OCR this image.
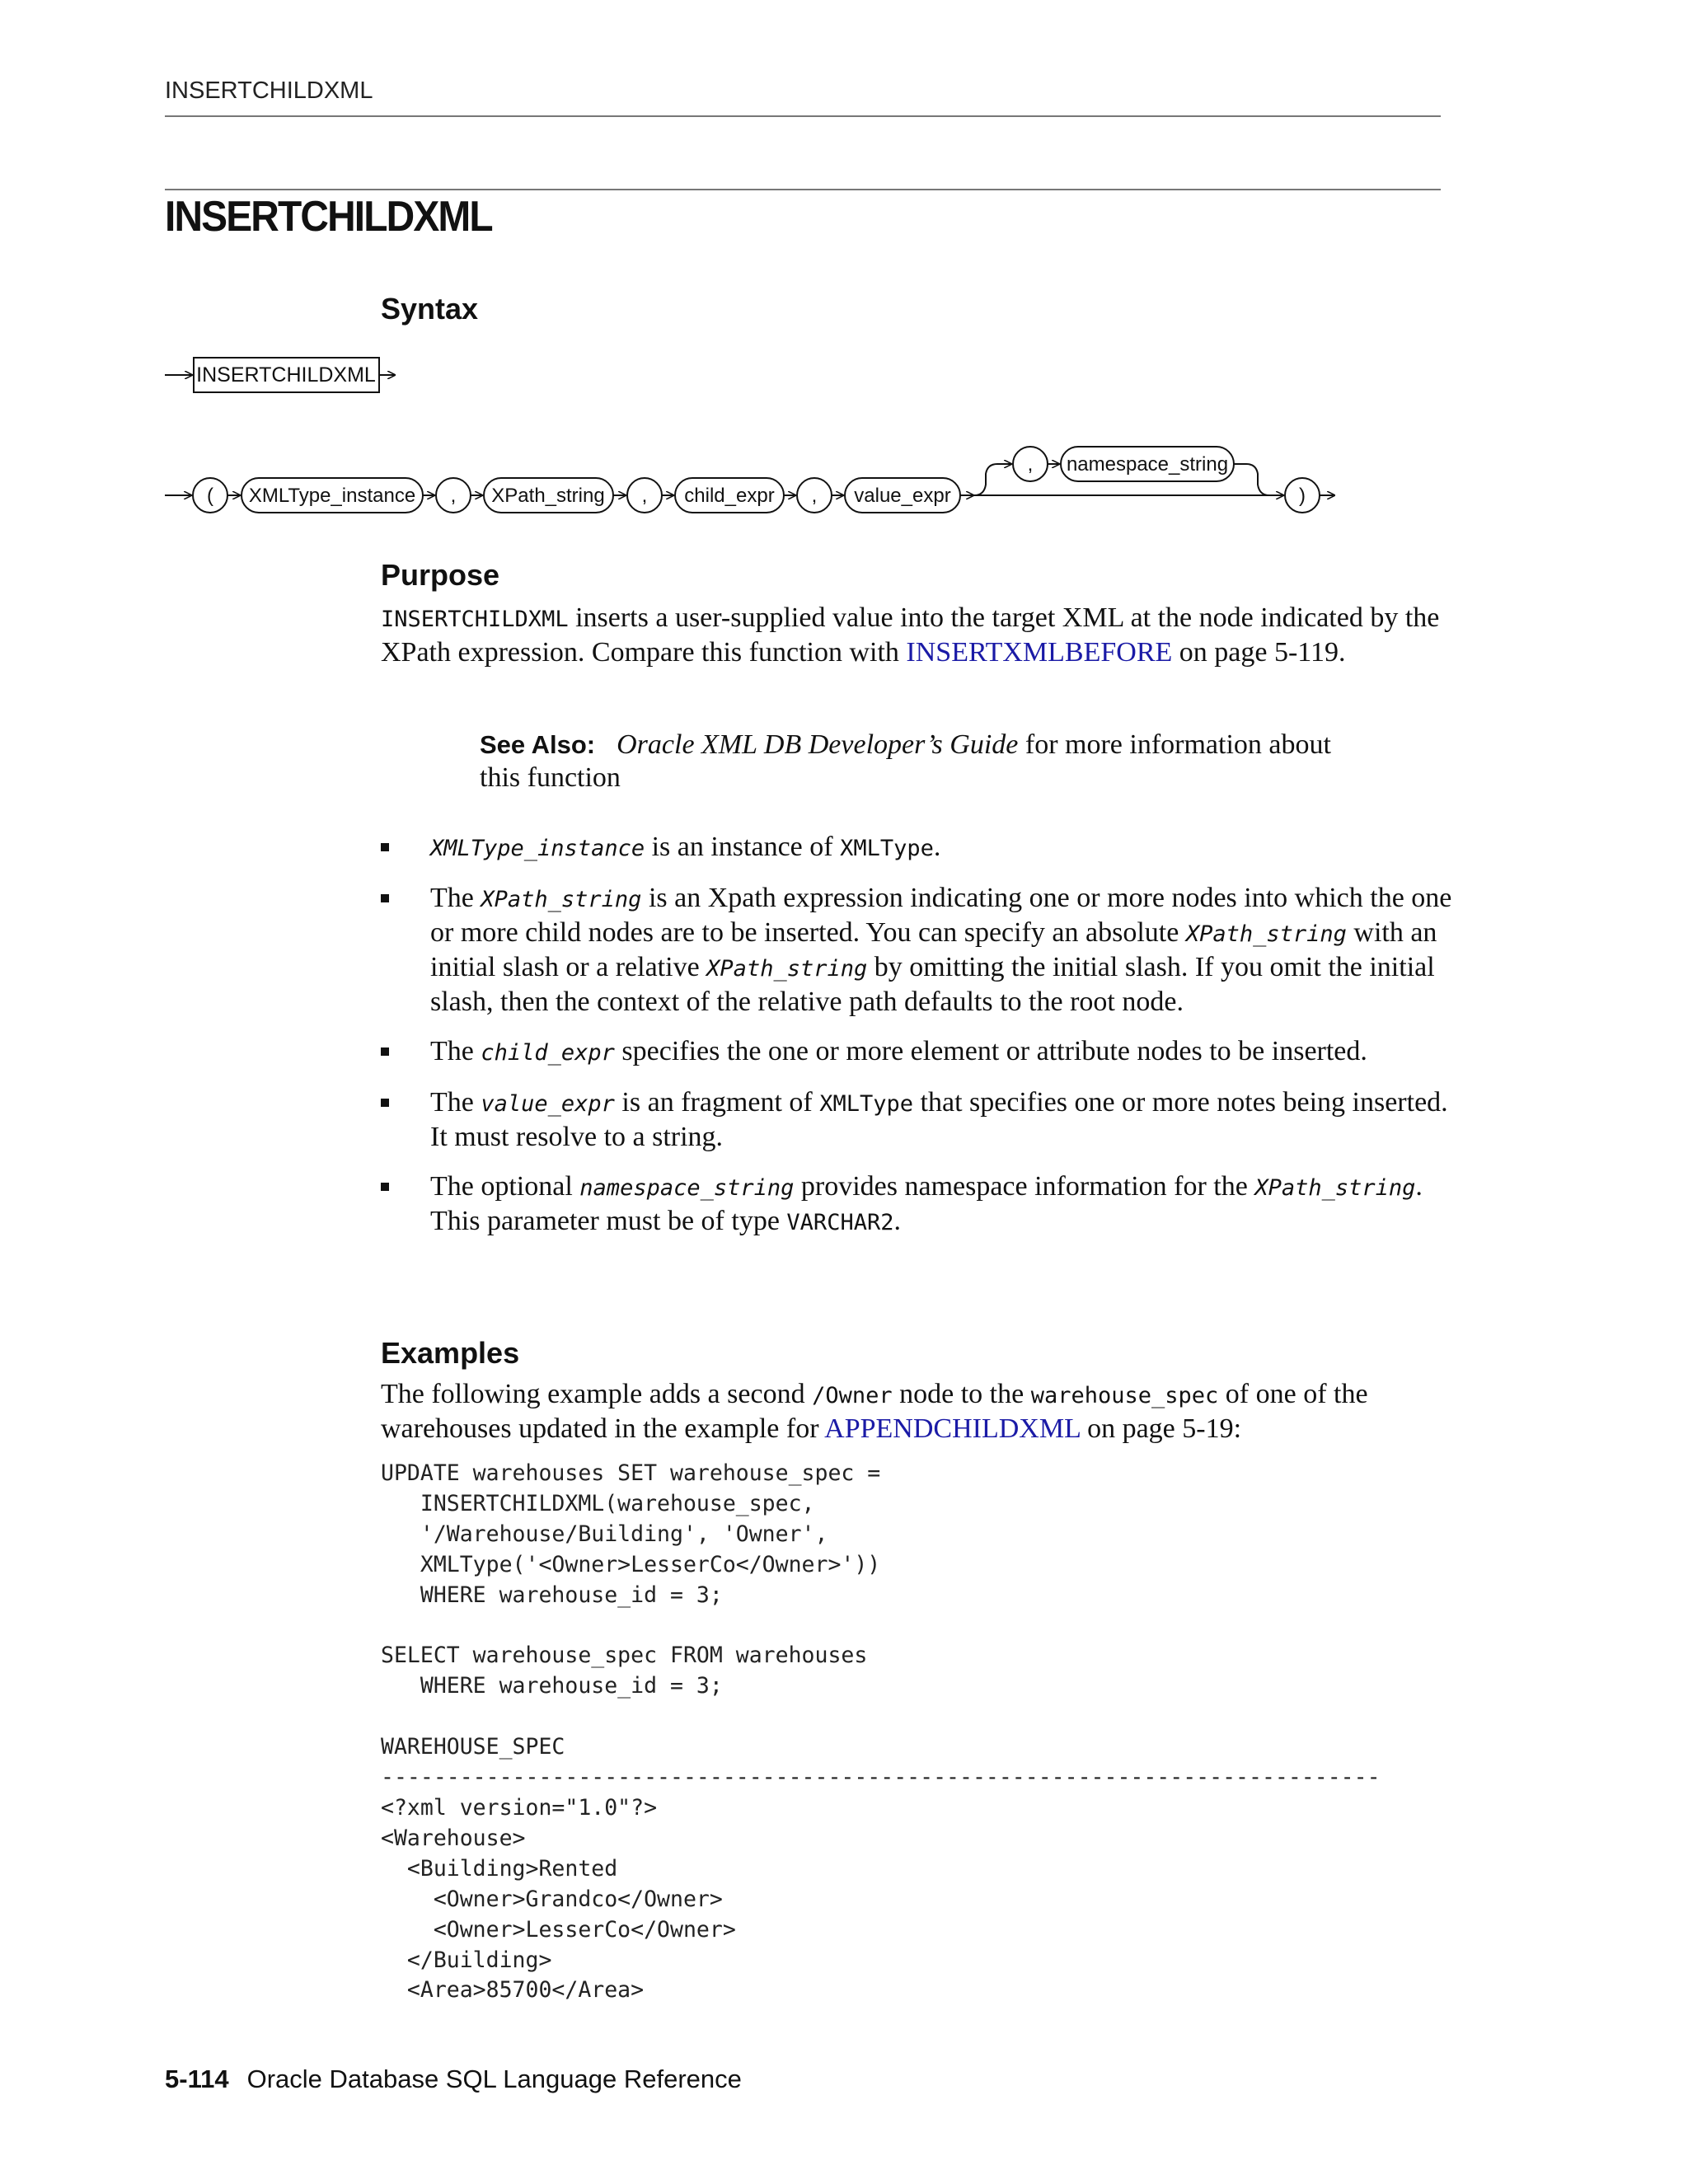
INSERTCHILDXML
INSERTCHILDXML
Syntax
INSERTCHILDXML
( XMLType_instance , XPath_string , child_expr , value_expr
, namespace_string
)
Purpose
INSERTCHILDXML inserts a user-supplied value into the target XML at the node indicated by the XPath expression. Compare this function with INSERTXMLBEFORE on page 5-119.
See Also: Oracle XML DB Developer’s Guide for more information about this function
XMLType_instance is an instance of XMLType.
The XPath_string is an Xpath expression indicating one or more nodes into which the one or more child nodes are to be inserted. You can specify an absolute XPath_string with an initial slash or a relative XPath_string by omitting the initial slash. If you omit the initial slash, then the context of the relative path defaults to the root node.
The child_expr specifies the one or more element or attribute nodes to be inserted.
The value_expr is an fragment of XMLType that specifies one or more notes being inserted. It must resolve to a string.
The optional namespace_string provides namespace information for the XPath_string. This parameter must be of type VARCHAR2.
Examples
The following example adds a second /Owner node to the warehouse_spec of one of the warehouses updated in the example for APPENDCHILDXML on page 5-19:
UPDATE warehouses SET warehouse_spec =
INSERTCHILDXML(warehouse_spec,
'/Warehouse/Building', 'Owner',
XMLType('<Owner>LesserCo</Owner>'))
WHERE warehouse_id = 3;

SELECT warehouse_spec FROM warehouses
WHERE warehouse_id = 3;

WAREHOUSE_SPEC
----------------------------------------------------------------------------
<?xml version="1.0"?>
<Warehouse>
<Building>Rented
<Owner>Grandco</Owner>
<Owner>LesserCo</Owner>
</Building>
<Area>85700</Area>
5-114 Oracle Database SQL Language Reference
